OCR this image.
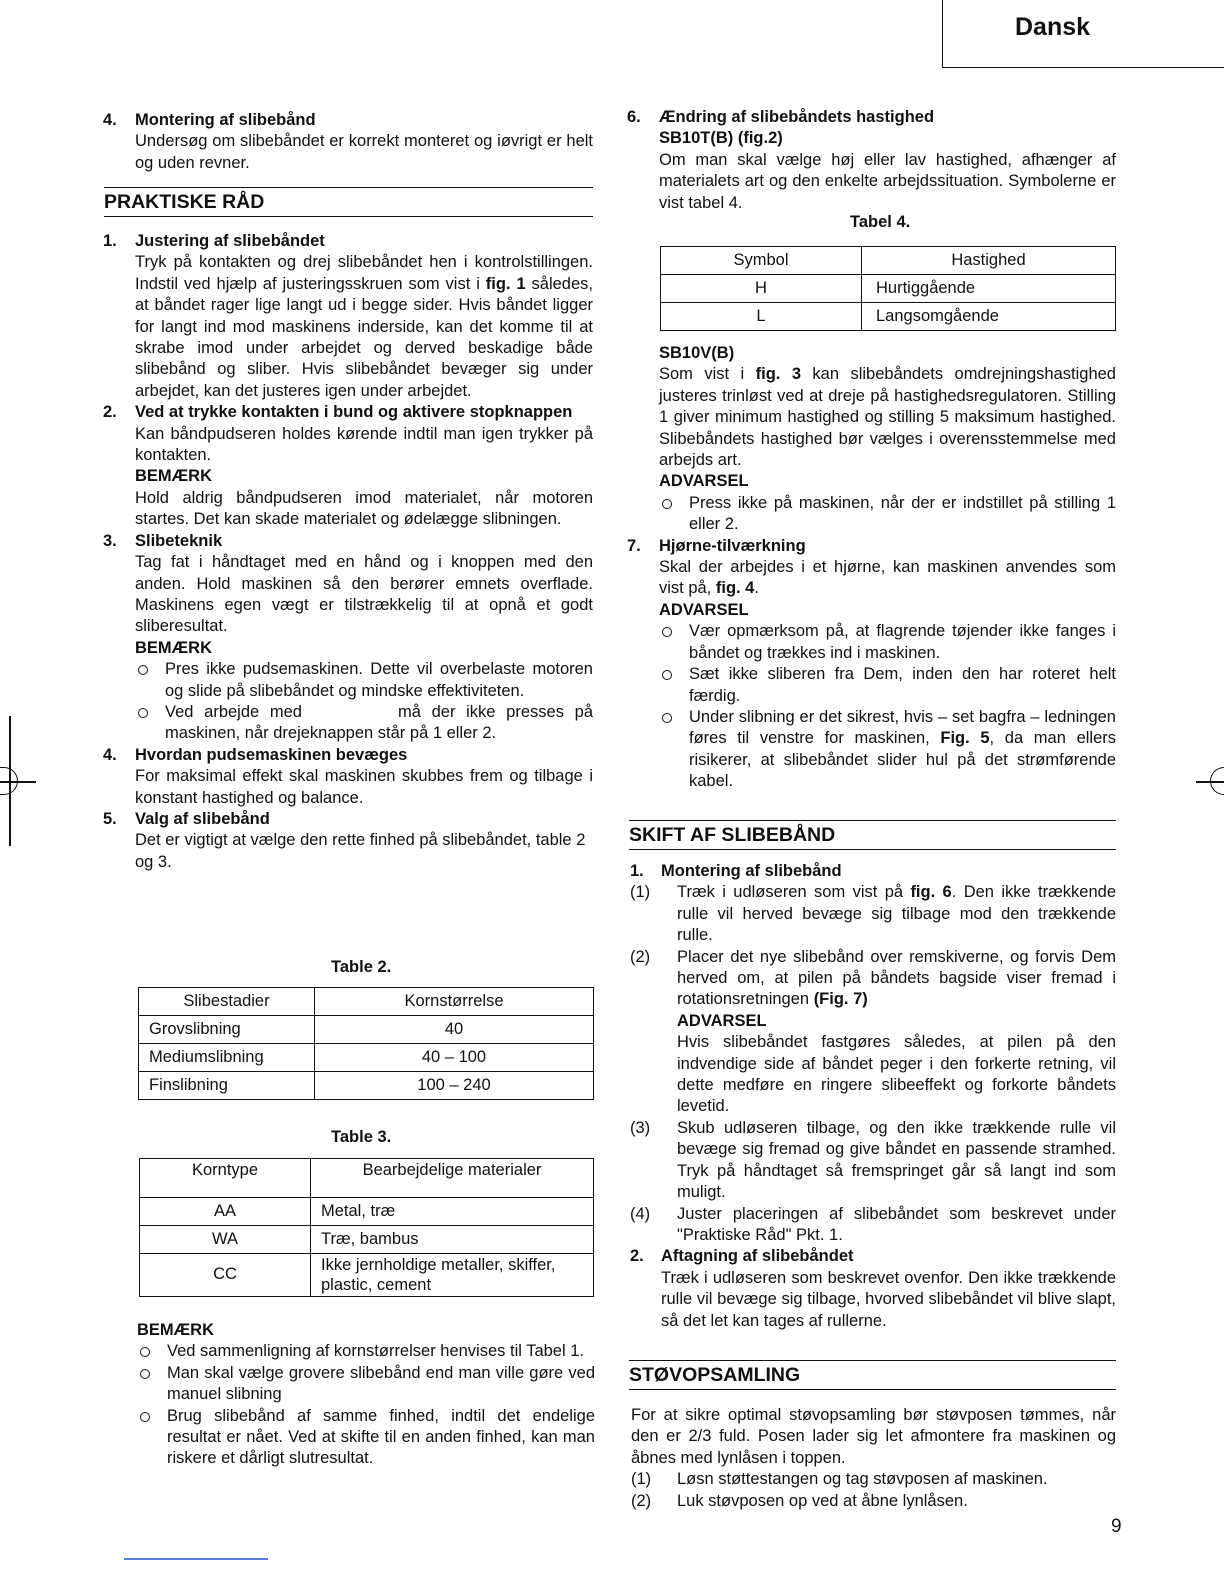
Dansk
4. Montering af slibebånd
Undersøg om slibebåndet er korrekt monteret og iøvrigt er helt og uden revner.
PRAKTISKE RÅD
1. Justering af slibebåndet
Tryk på kontakten og drej slibebåndet hen i kontrolstillingen. Indstil ved hjælp af justeringsskruen som vist i fig. 1 således, at båndet rager lige langt ud i begge sider. Hvis båndet ligger for langt ind mod maskinens inderside, kan det komme til at skrabe imod under arbejdet og derved beskadige både slibebånd og sliber. Hvis slibebåndet bevæger sig under arbejdet, kan det justeres igen under arbejdet.
2. Ved at trykke kontakten i bund og aktivere stopknappen
Kan båndpudseren holdes kørende indtil man igen trykker på kontakten.
BEMÆRK
Hold aldrig båndpudseren imod materialet, når motoren startes. Det kan skade materialet og ødelægge slibningen.
3. Slibeteknik
Tag fat i håndtaget med en hånd og i knoppen med den anden. Hold maskinen så den berører emnets overflade. Maskinens egen vægt er tilstrækkelig til at opnå et godt sliberesultat.
BEMÆRK
Pres ikke pudsemaskinen. Dette vil overbelaste motoren og slide på slibebåndet og mindske effektiviteten.
Ved arbejde med	må der ikke presses på maskinen, når drejeknappen står på 1 eller 2.
4. Hvordan pudsemaskinen bevæges
For maksimal effekt skal maskinen skubbes frem og tilbage i konstant hastighed og balance.
5. Valg af slibebånd
Det er vigtigt at vælge den rette finhed på slibebåndet, table 2 og 3.
Table 2.
Slibestadier	Kornstørrelse
Grovslibning	40
Mediumslibning	40 – 100
Finslibning	100 – 240
Table 3.
Korntype	Bearbejdelige materialer
AA	Metal, træ
WA	Træ, bambus
CC	Ikke jernholdige metaller, skiffer, plastic, cement
BEMÆRK
Ved sammenligning af kornstørrelser henvises til Tabel 1.
Man skal vælge grovere slibebånd end man ville gøre ved manuel slibning
Brug slibebånd af samme finhed, indtil det endelige resultat er nået. Ved at skifte til en anden finhed, kan man riskere et dårligt slutresultat.
6. Ændring af slibebåndets hastighed
SB10T(B) (fig.2)
Om man skal vælge høj eller lav hastighed, afhænger af materialets art og den enkelte arbejdssituation. Symbolerne er vist tabel 4.
Tabel 4.
Symbol	Hastighed
H	Hurtiggående
L	Langsomgående
SB10V(B)
Som vist i fig. 3 kan slibebåndets omdrejningshastighed justeres trinløst ved at dreje på hastighedsregulatoren. Stilling 1 giver minimum hastighed og stilling 5 maksimum hastighed. Slibebåndets hastighed bør vælges i overensstemmelse med arbejds art.
ADVARSEL
Press ikke på maskinen, når der er indstillet på stilling 1 eller 2.
7. Hjørne-tilværkning
Skal der arbejdes i et hjørne, kan maskinen anvendes som vist på, fig. 4.
ADVARSEL
Vær opmærksom på, at flagrende tøjender ikke fanges i båndet og trækkes ind i maskinen.
Sæt ikke sliberen fra Dem, inden den har roteret helt færdig.
Under slibning er det sikrest, hvis – set bagfra – ledningen føres til venstre for maskinen, Fig. 5, da man ellers risikerer, at slibebåndet slider hul på det strømførende kabel.
SKIFT AF SLIBEBÅND
1. Montering af slibebånd
(1) Træk i udløseren som vist på fig. 6. Den ikke trækkende rulle vil herved bevæge sig tilbage mod den trækkende rulle.
(2) Placer det nye slibebånd over remskiverne, og forvis Dem herved om, at pilen på båndets bagside viser fremad i rotationsretningen (Fig. 7)
ADVARSEL
Hvis slibebåndet fastgøres således, at pilen på den indvendige side af båndet peger i den forkerte retning, vil dette medføre en ringere slibeeffekt og forkorte båndets levetid.
(3) Skub udløseren tilbage, og den ikke trækkende rulle vil bevæge sig fremad og give båndet en passende stramhed. Tryk på håndtaget så fremspringet går så langt ind som muligt.
(4) Juster placeringen af slibebåndet som beskrevet under "Praktiske Råd" Pkt. 1.
2. Aftagning af slibebåndet
Træk i udløseren som beskrevet ovenfor. Den ikke trækkende rulle vil bevæge sig tilbage, hvorved slibebåndet vil blive slapt, så det let kan tages af rullerne.
STØVOPSAMLING
For at sikre optimal støvopsamling bør støvposen tømmes, når den er 2/3 fuld. Posen lader sig let afmontere fra maskinen og åbnes med lynlåsen i toppen.
(1) Løsn støttestangen og tag støvposen af maskinen.
(2) Luk støvposen op ved at åbne lynlåsen.
9
